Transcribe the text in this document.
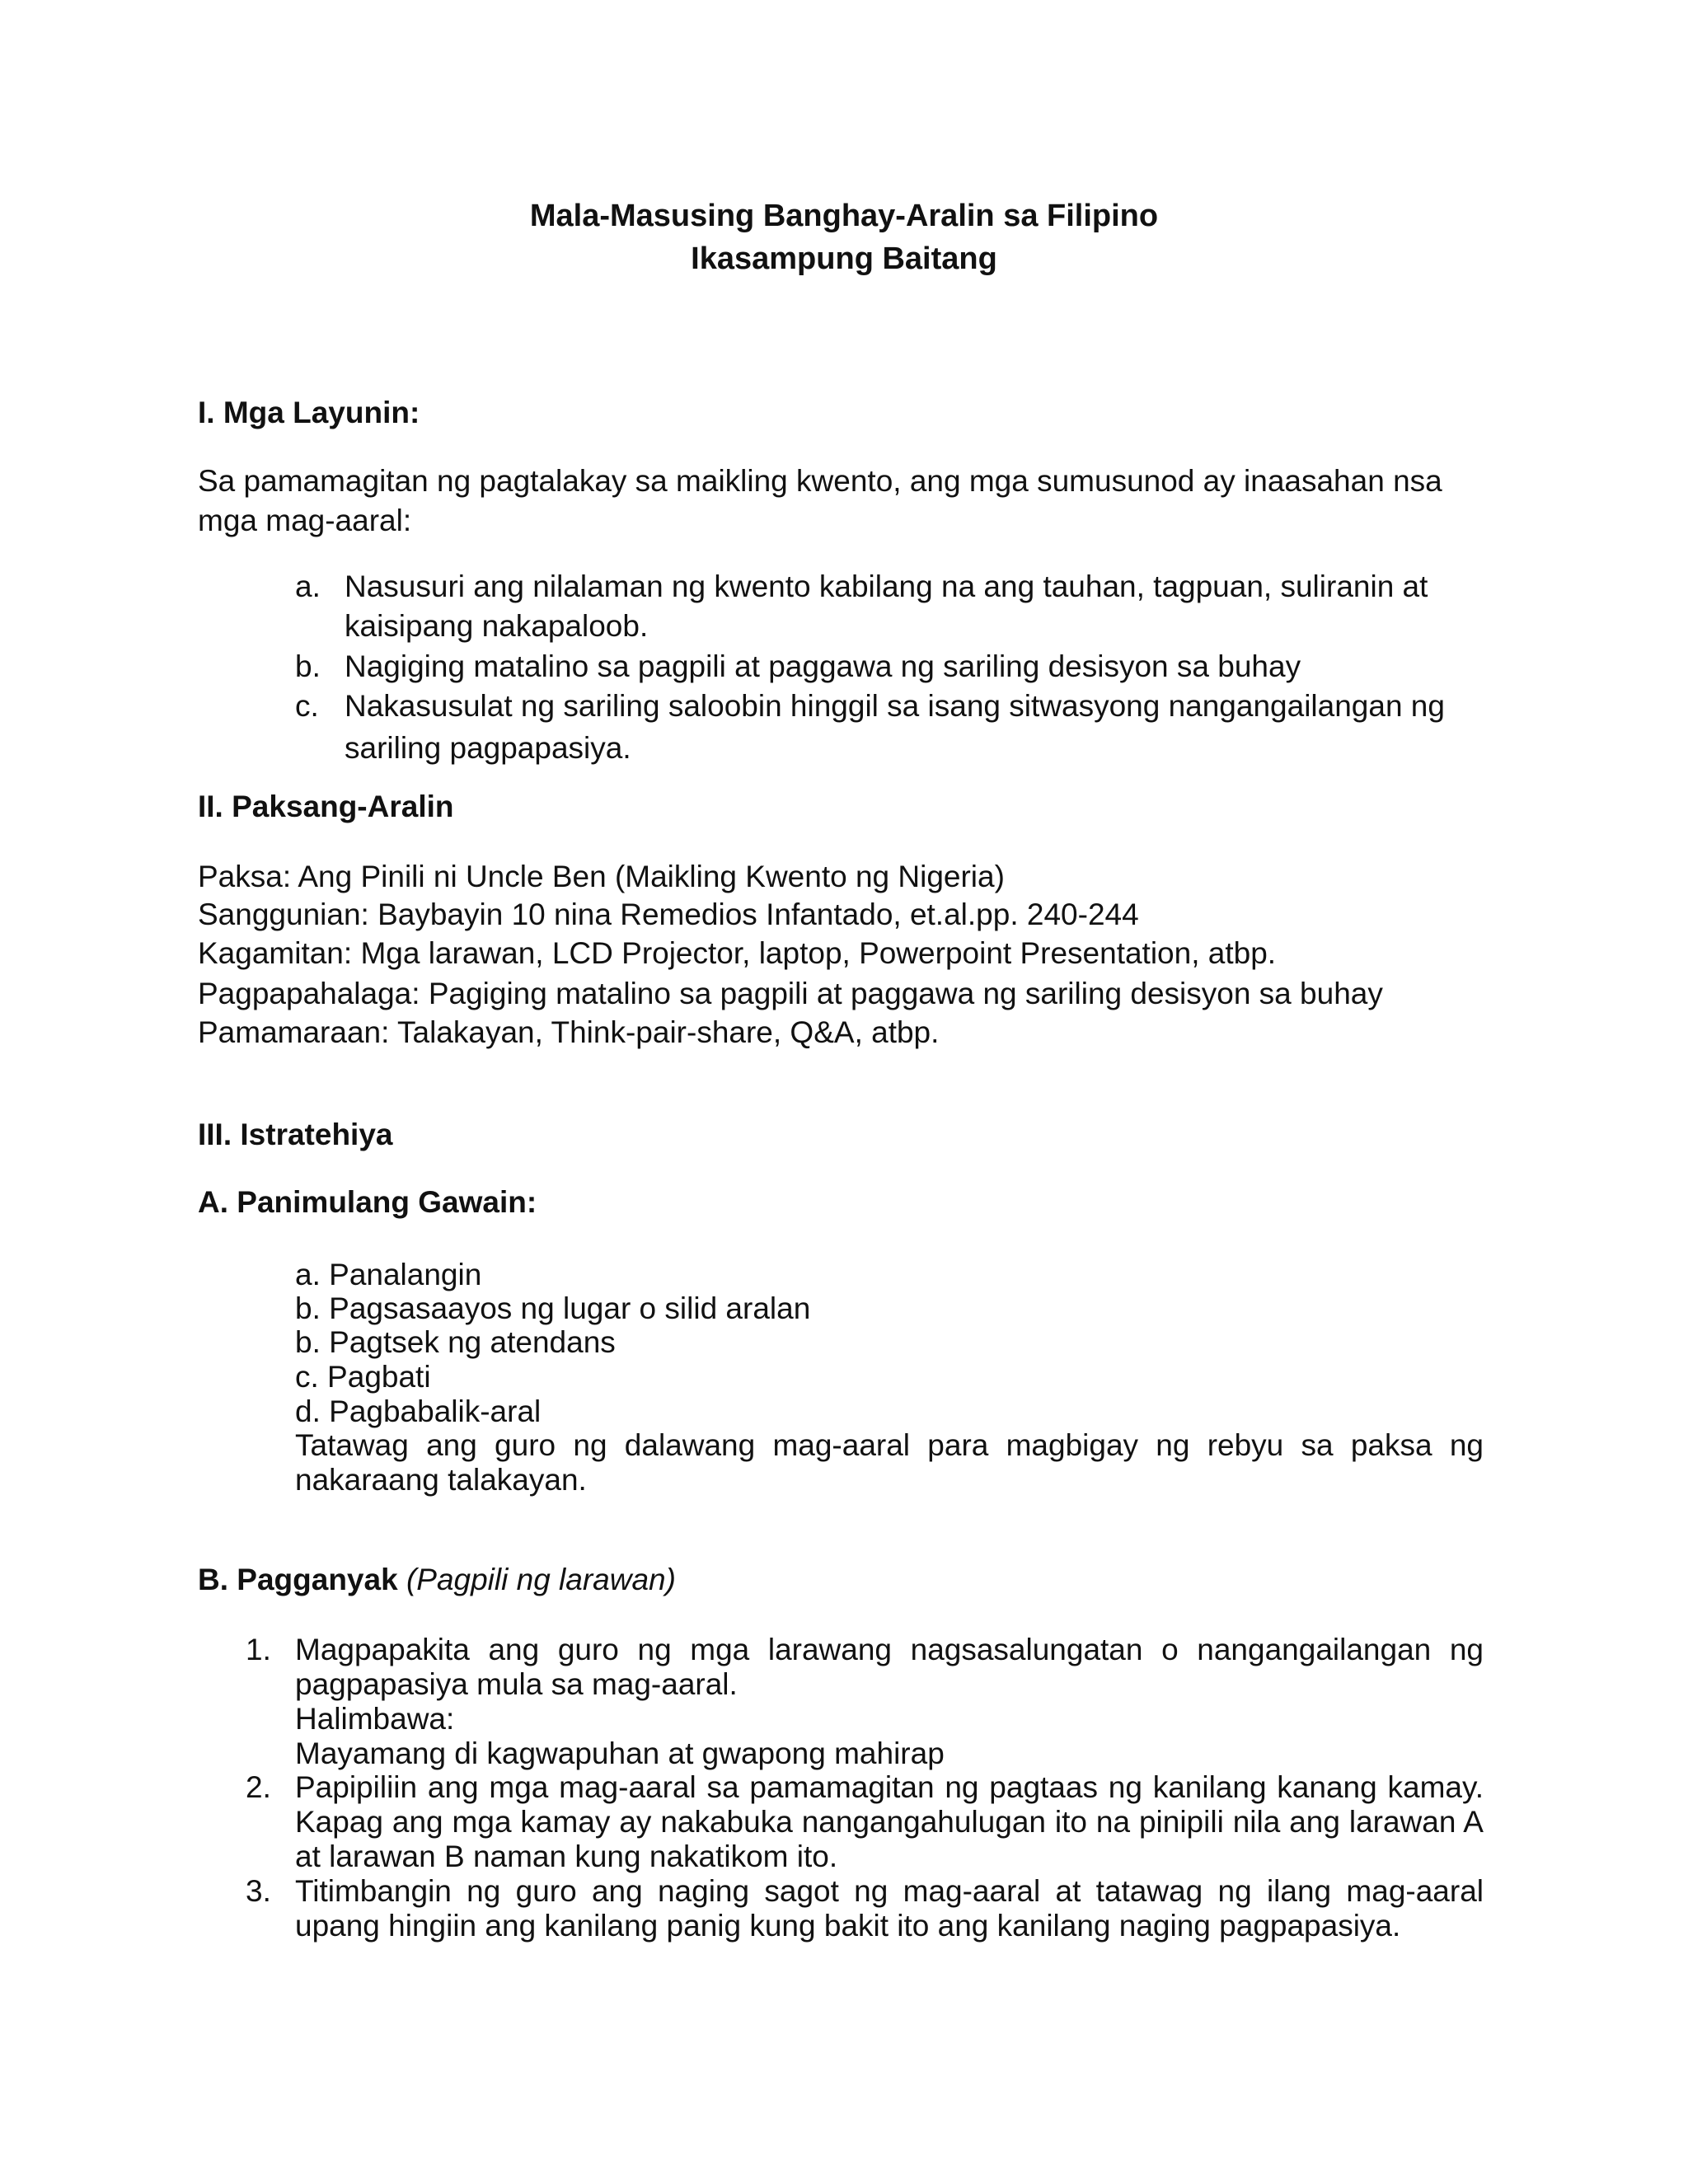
Mala-Masusing Banghay-Aralin sa Filipino
Ikasampung Baitang
I. Mga Layunin:
Sa pamamagitan ng pagtalakay sa maikling kwento, ang mga sumusunod ay inaasahan nsa
mga mag-aaral:
a. Nasusuri ang nilalaman ng kwento kabilang na ang tauhan, tagpuan, suliranin at
kaisipang nakapaloob.
b. Nagiging matalino sa pagpili at paggawa ng sariling desisyon sa buhay
c. Nakasusulat ng sariling saloobin hinggil sa isang sitwasyong nangangailangan ng
sariling pagpapasiya.
II. Paksang-Aralin
Paksa: Ang Pinili ni Uncle Ben (Maikling Kwento ng Nigeria)
Sanggunian: Baybayin 10 nina Remedios Infantado, et.al.pp. 240-244
Kagamitan: Mga larawan, LCD Projector, laptop, Powerpoint Presentation, atbp.
Pagpapahalaga: Pagiging matalino sa pagpili at paggawa ng sariling desisyon sa buhay
Pamamaraan: Talakayan, Think-pair-share, Q&A, atbp.
III. Istratehiya
A. Panimulang Gawain:
a. Panalangin
b. Pagsasaayos ng lugar o silid aralan
b. Pagtsek ng atendans
c. Pagbati
d. Pagbabalik-aral
Tatawag ang guro ng dalawang mag-aaral para magbigay ng rebyu sa paksa ng
nakaraang talakayan.
B. Pagganyak (Pagpili ng larawan)
1. Magpapakita ang guro ng mga larawang nagsasalungatan o nangangailangan ng
pagpapasiya mula sa mag-aaral.
Halimbawa:
Mayamang di kagwapuhan at gwapong mahirap
2. Papipiliin ang mga mag-aaral sa pamamagitan ng pagtaas ng kanilang kanang kamay.
Kapag ang mga kamay ay nakabuka nangangahulugan ito na pinipili nila ang larawan A
at larawan B naman kung nakatikom ito.
3. Titimbangin ng guro ang naging sagot ng mag-aaral at tatawag ng ilang mag-aaral
upang hingiin ang kanilang panig kung bakit ito ang kanilang naging pagpapasiya.
